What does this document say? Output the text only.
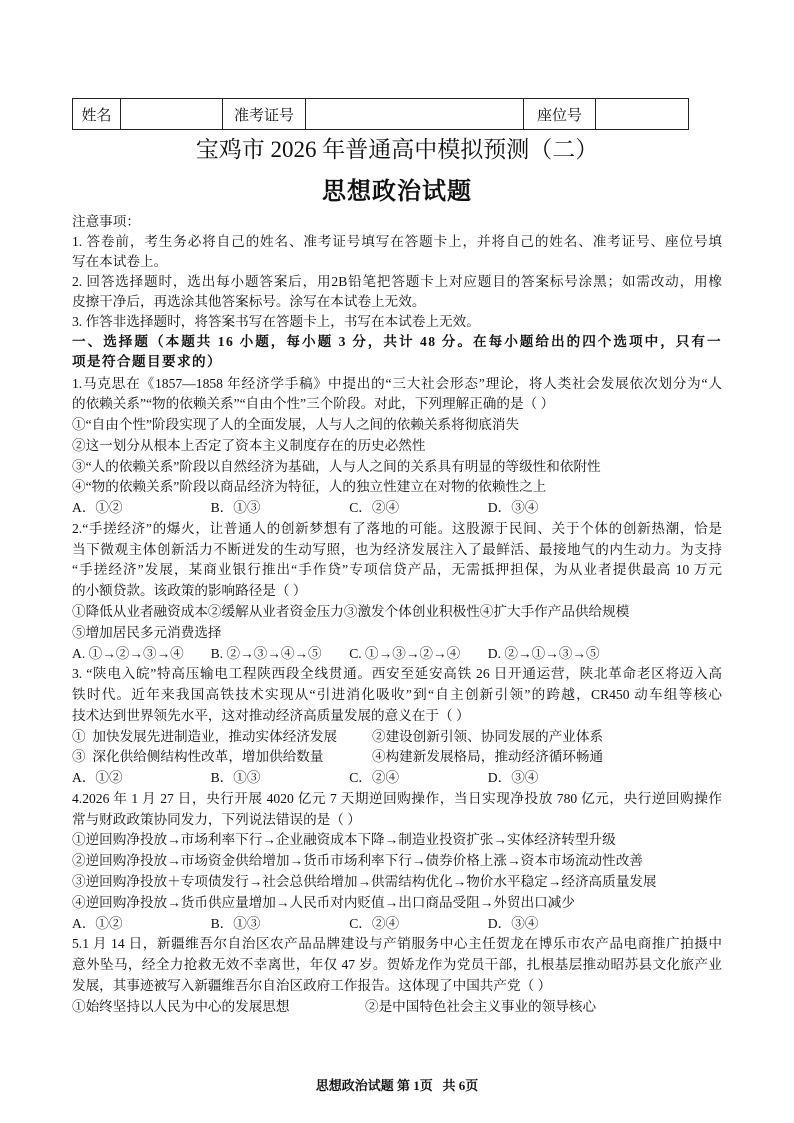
姓名		准考证号		座位号	
宝鸡市 2026 年普通高中模拟预测（二）
思想政治试题
注意事项：
1. 答卷前，考生务必将自己的姓名、准考证号填写在答题卡上，并将自己的姓名、准考证号、座位号填
写在本试卷上。
2. 回答选择题时，选出每小题答案后，用2B铅笔把答题卡上对应题目的答案标号涂黑；如需改动，用橡
皮擦干净后，再选涂其他答案标号。涂写在本试卷上无效。
3. 作答非选择题时，将答案书写在答题卡上，书写在本试卷上无效。
一、选择题（本题共 16 小题，每小题 3 分，共计 48 分。在每小题给出的四个选项中，只有一
项是符合题目要求的）
1.马克思在《1857—1858 年经济学手稿》中提出的“三大社会形态”理论，将人类社会发展依次划分为“人
的依赖关系”“物的依赖关系”“自由个性”三个阶段。对此，下列理解正确的是（ ）
①“自由个性”阶段实现了人的全面发展，人与人之间的依赖关系将彻底消失
②这一划分从根本上否定了资本主义制度存在的历史必然性
③“人的依赖关系”阶段以自然经济为基础，人与人之间的关系具有明显的等级性和依附性
④“物的依赖关系”阶段以商品经济为特征，人的独立性建立在对物的依赖性之上
A．①②	B．①③	C．②④	D．③④
2.“手搓经济”的爆火，让普通人的创新梦想有了落地的可能。这股源于民间、关于个体的创新热潮，恰是
当下微观主体创新活力不断迸发的生动写照，也为经济发展注入了最鲜活、最接地气的内生动力。为支持
“手搓经济”发展，某商业银行推出“手作贷”专项信贷产品，无需抵押担保，为从业者提供最高 10 万元
的小额贷款。该政策的影响路径是（ ）
①降低从业者融资成本②缓解从业者资金压力③激发个体创业积极性④扩大手作产品供给规模
⑤增加居民多元消费选择
A. ①→②→③→④	B. ②→③→④→⑤	C. ①→③→②→④	D. ②→①→③→⑤
3. “陕电入皖”特高压输电工程陕西段全线贯通。西安至延安高铁 26 日开通运营，陕北革命老区将迈入高
铁时代。近年来我国高铁技术实现从“引进消化吸收”到“自主创新引领”的跨越，CR450 动车组等核心
技术达到世界领先水平，这对推动经济高质量发展的意义在于（ ）
①  加快发展先进制造业，推动实体经济发展	②建设创新引领、协同发展的产业体系
③  深化供给侧结构性改革，增加供给数量	④构建新发展格局，推动经济循环畅通
A．①②	B．①③	C．②④	D．③④
4.2026 年 1 月 27 日，央行开展 4020 亿元 7 天期逆回购操作，当日实现净投放 780 亿元，央行逆回购操作
常与财政政策协同发力，下列说法错误的是（ ）
①逆回购净投放→市场利率下行→企业融资成本下降→制造业投资扩张→实体经济转型升级
②逆回购净投放→市场资金供给增加→货币市场利率下行→债券价格上涨→资本市场流动性改善
③逆回购净投放＋专项债发行→社会总供给增加→供需结构优化→物价水平稳定→经济高质量发展
④逆回购净投放→货币供应量增加→人民币对内贬值→出口商品受阻→外贸出口减少
A．①②	B．①③	C．②④	D．③④
5.1 月 14 日，新疆维吾尔自治区农产品品牌建设与产销服务中心主任贺龙在博乐市农产品电商推广拍摄中
意外坠马，经全力抢救无效不幸离世，年仅 47 岁。贺娇龙作为党员干部，扎根基层推动昭苏县文化旅产业
发展，其事迹被写入新疆维吾尔自治区政府工作报告。这体现了中国共产党（ ）
①始终坚持以人民为中心的发展思想	②是中国特色社会主义事业的领导核心
思想政治试题 第 1页   共 6页
